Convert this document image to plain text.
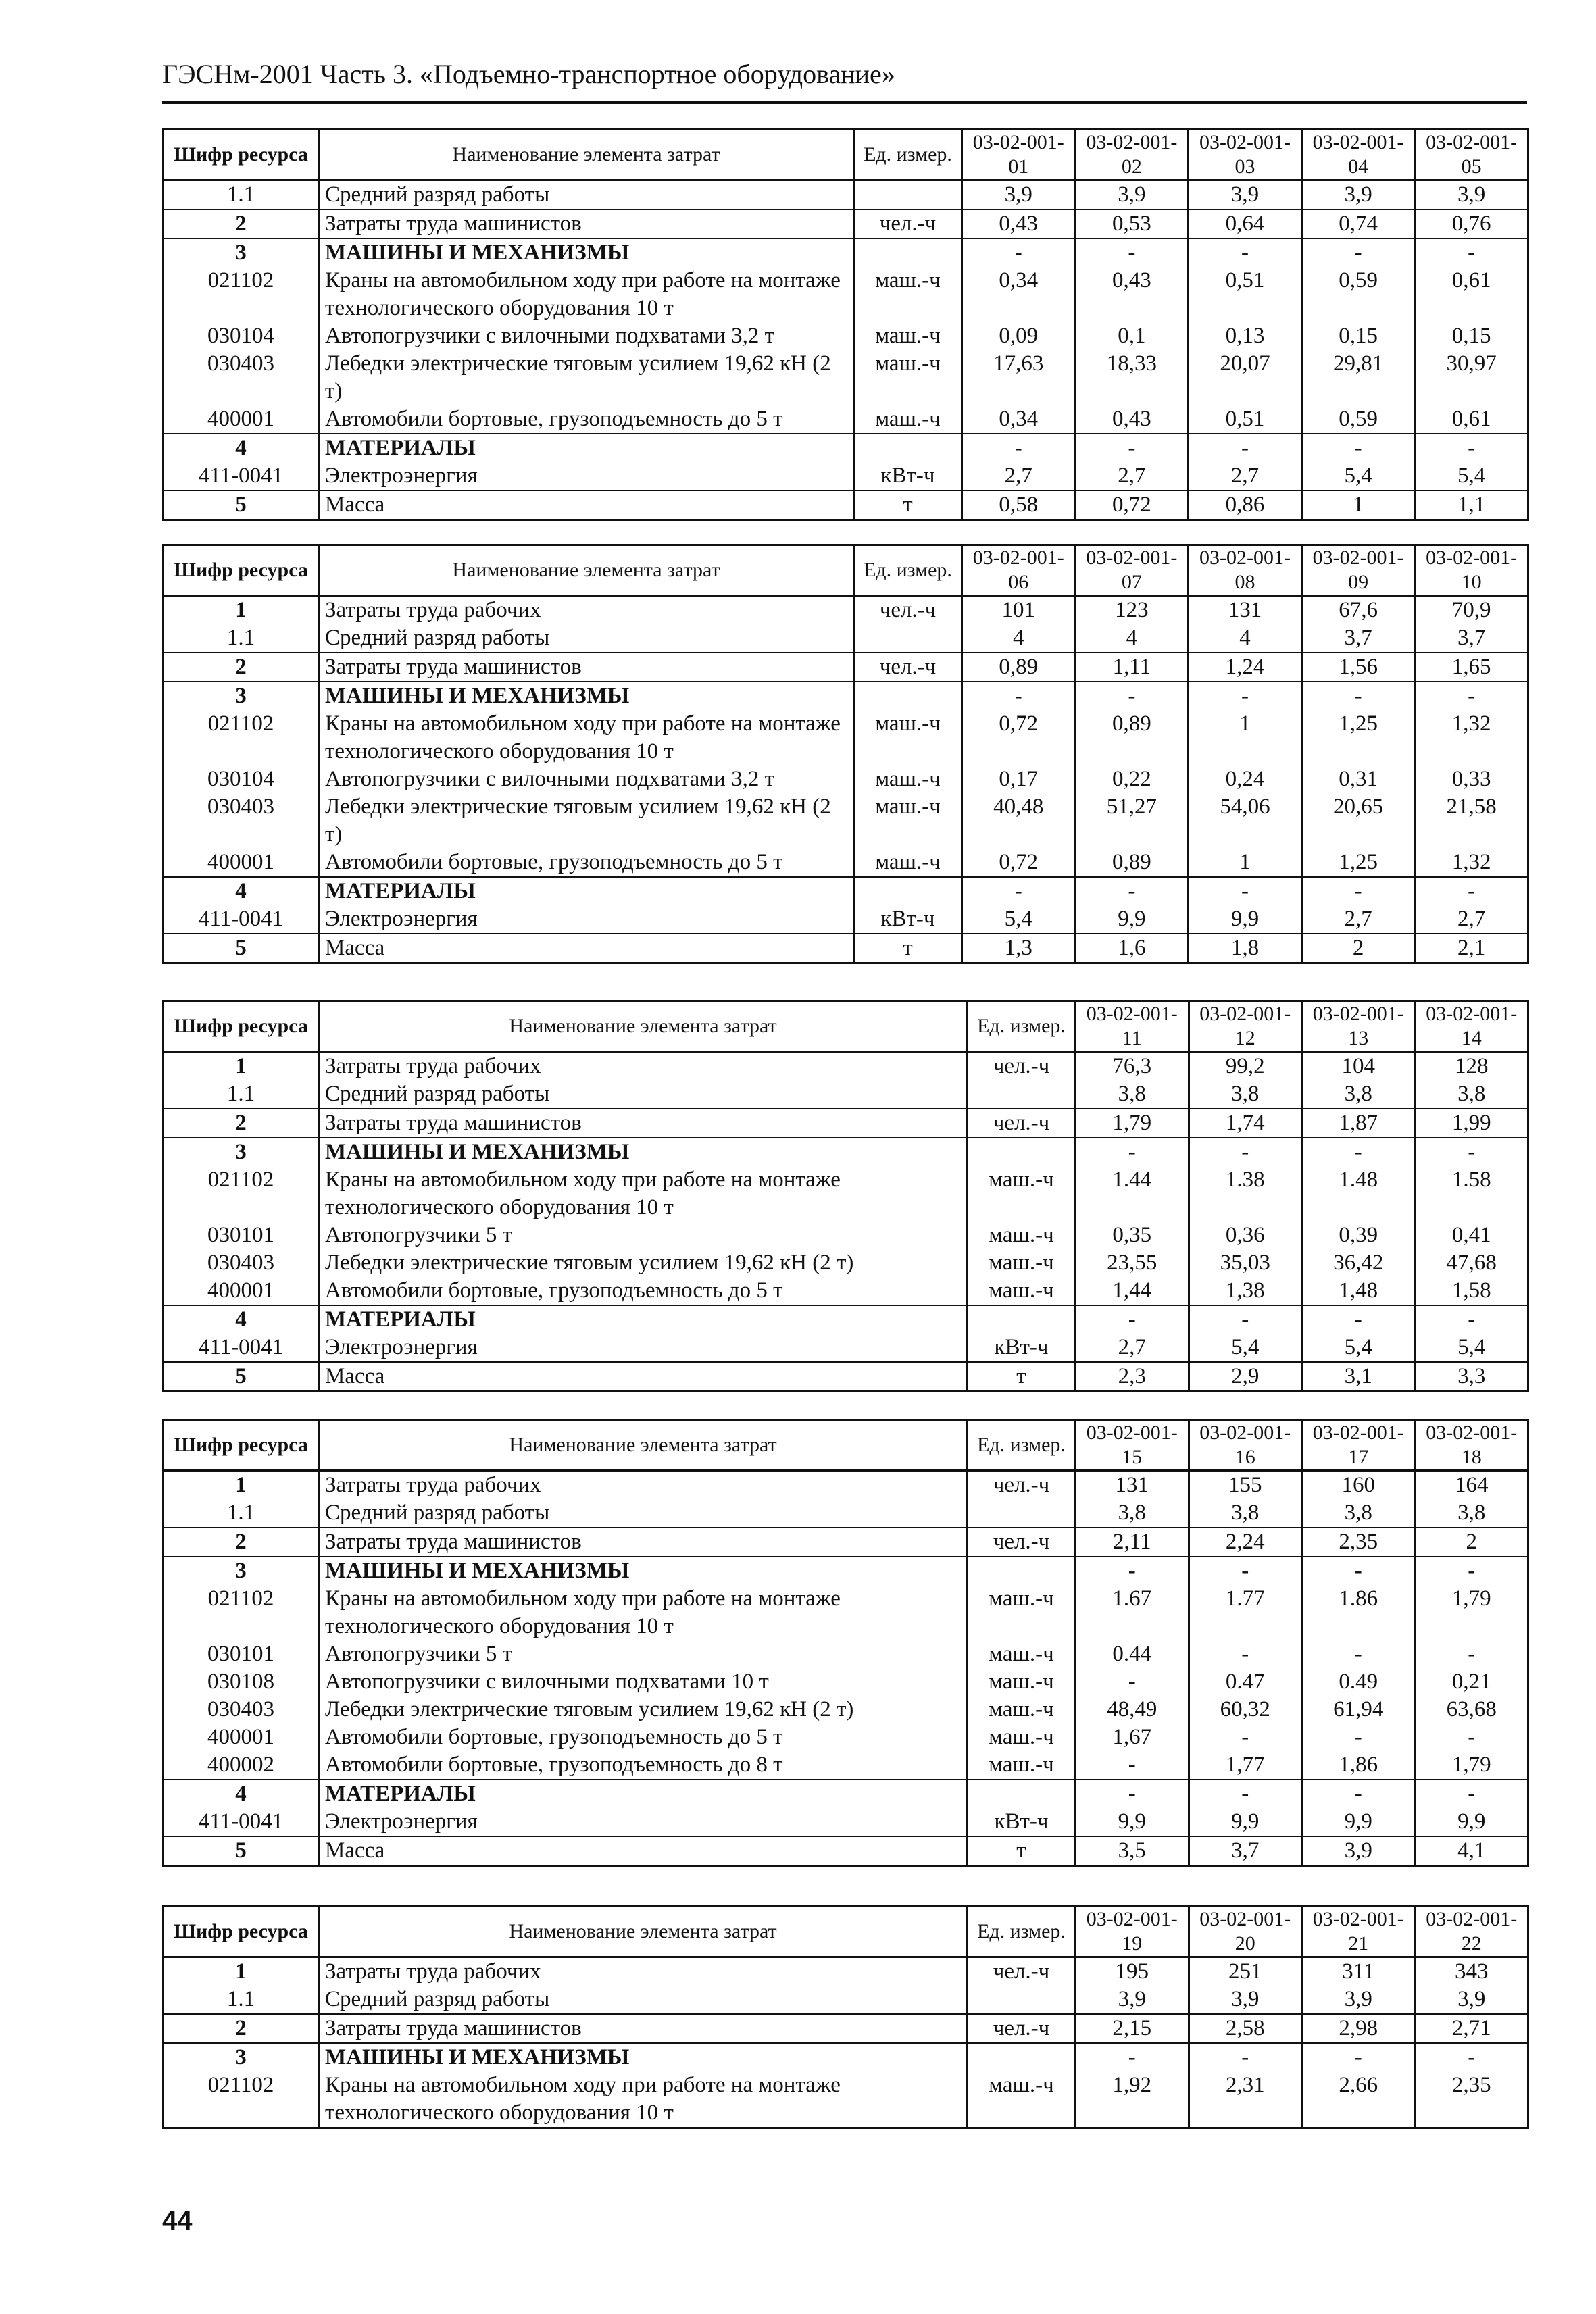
ГЭСНм-2001 Часть 3. «Подъемно-транспортное оборудование»
Шифр ресурса	Наименование элемента затрат	Ед. измер.	03-02-001-01	03-02-001-02	03-02-001-03	03-02-001-04	03-02-001-05
1.1	Средний разряд работы		3,9	3,9	3,9	3,9	3,9
2	Затраты труда машинистов	чел.-ч	0,43	0,53	0,64	0,74	0,76
3	МАШИНЫ И МЕХАНИЗМЫ		-	-	-	-	-
021102	Краны на автомобильном ходу при работе на монтаже технологического оборудования 10 т	маш.-ч	0,34	0,43	0,51	0,59	0,61
030104	Автопогрузчики с вилочными подхватами 3,2 т	маш.-ч	0,09	0,1	0,13	0,15	0,15
030403	Лебедки электрические тяговым усилием 19,62 кН (2 т)	маш.-ч	17,63	18,33	20,07	29,81	30,97
400001	Автомобили бортовые, грузоподъемность до 5 т	маш.-ч	0,34	0,43	0,51	0,59	0,61
4	МАТЕРИАЛЫ		-	-	-	-	-
411-0041	Электроэнергия	кВт-ч	2,7	2,7	2,7	5,4	5,4
5	Масса	т	0,58	0,72	0,86	1	1,1
Шифр ресурса	Наименование элемента затрат	Ед. измер.	03-02-001-06	03-02-001-07	03-02-001-08	03-02-001-09	03-02-001-10
1	Затраты труда рабочих	чел.-ч	101	123	131	67,6	70,9
1.1	Средний разряд работы		4	4	4	3,7	3,7
2	Затраты труда машинистов	чел.-ч	0,89	1,11	1,24	1,56	1,65
3	МАШИНЫ И МЕХАНИЗМЫ		-	-	-	-	-
021102	Краны на автомобильном ходу при работе на монтаже технологического оборудования 10 т	маш.-ч	0,72	0,89	1	1,25	1,32
030104	Автопогрузчики с вилочными подхватами 3,2 т	маш.-ч	0,17	0,22	0,24	0,31	0,33
030403	Лебедки электрические тяговым усилием 19,62 кН (2 т)	маш.-ч	40,48	51,27	54,06	20,65	21,58
400001	Автомобили бортовые, грузоподъемность до 5 т	маш.-ч	0,72	0,89	1	1,25	1,32
4	МАТЕРИАЛЫ		-	-	-	-	-
411-0041	Электроэнергия	кВт-ч	5,4	9,9	9,9	2,7	2,7
5	Масса	т	1,3	1,6	1,8	2	2,1
Шифр ресурса	Наименование элемента затрат	Ед. измер.	03-02-001-11	03-02-001-12	03-02-001-13	03-02-001-14
1	Затраты труда рабочих	чел.-ч	76,3	99,2	104	128
1.1	Средний разряд работы		3,8	3,8	3,8	3,8
2	Затраты труда машинистов	чел.-ч	1,79	1,74	1,87	1,99
3	МАШИНЫ И МЕХАНИЗМЫ		-	-	-	-
021102	Краны на автомобильном ходу при работе на монтаже технологического оборудования 10 т	маш.-ч	1.44	1.38	1.48	1.58
030101	Автопогрузчики 5 т	маш.-ч	0,35	0,36	0,39	0,41
030403	Лебедки электрические тяговым усилием 19,62 кН (2 т)	маш.-ч	23,55	35,03	36,42	47,68
400001	Автомобили бортовые, грузоподъемность до 5 т	маш.-ч	1,44	1,38	1,48	1,58
4	МАТЕРИАЛЫ		-	-	-	-
411-0041	Электроэнергия	кВт-ч	2,7	5,4	5,4	5,4
5	Масса	т	2,3	2,9	3,1	3,3
Шифр ресурса	Наименование элемента затрат	Ед. измер.	03-02-001-15	03-02-001-16	03-02-001-17	03-02-001-18
1	Затраты труда рабочих	чел.-ч	131	155	160	164
1.1	Средний разряд работы		3,8	3,8	3,8	3,8
2	Затраты труда машинистов	чел.-ч	2,11	2,24	2,35	2
3	МАШИНЫ И МЕХАНИЗМЫ		-	-	-	-
021102	Краны на автомобильном ходу при работе на монтаже технологического оборудования 10 т	маш.-ч	1.67	1.77	1.86	1,79
030101	Автопогрузчики 5 т	маш.-ч	0.44	-	-	-
030108	Автопогрузчики с вилочными подхватами 10 т	маш.-ч	-	0.47	0.49	0,21
030403	Лебедки электрические тяговым усилием 19,62 кН (2 т)	маш.-ч	48,49	60,32	61,94	63,68
400001	Автомобили бортовые, грузоподъемность до 5 т	маш.-ч	1,67	-	-	-
400002	Автомобили бортовые, грузоподъемность до 8 т	маш.-ч	-	1,77	1,86	1,79
4	МАТЕРИАЛЫ		-	-	-	-
411-0041	Электроэнергия	кВт-ч	9,9	9,9	9,9	9,9
5	Масса	т	3,5	3,7	3,9	4,1
Шифр ресурса	Наименование элемента затрат	Ед. измер.	03-02-001-19	03-02-001-20	03-02-001-21	03-02-001-22
1	Затраты труда рабочих	чел.-ч	195	251	311	343
1.1	Средний разряд работы		3,9	3,9	3,9	3,9
2	Затраты труда машинистов	чел.-ч	2,15	2,58	2,98	2,71
3	МАШИНЫ И МЕХАНИЗМЫ		-	-	-	-
021102	Краны на автомобильном ходу при работе на монтаже технологического оборудования 10 т	маш.-ч	1,92	2,31	2,66	2,35
44
